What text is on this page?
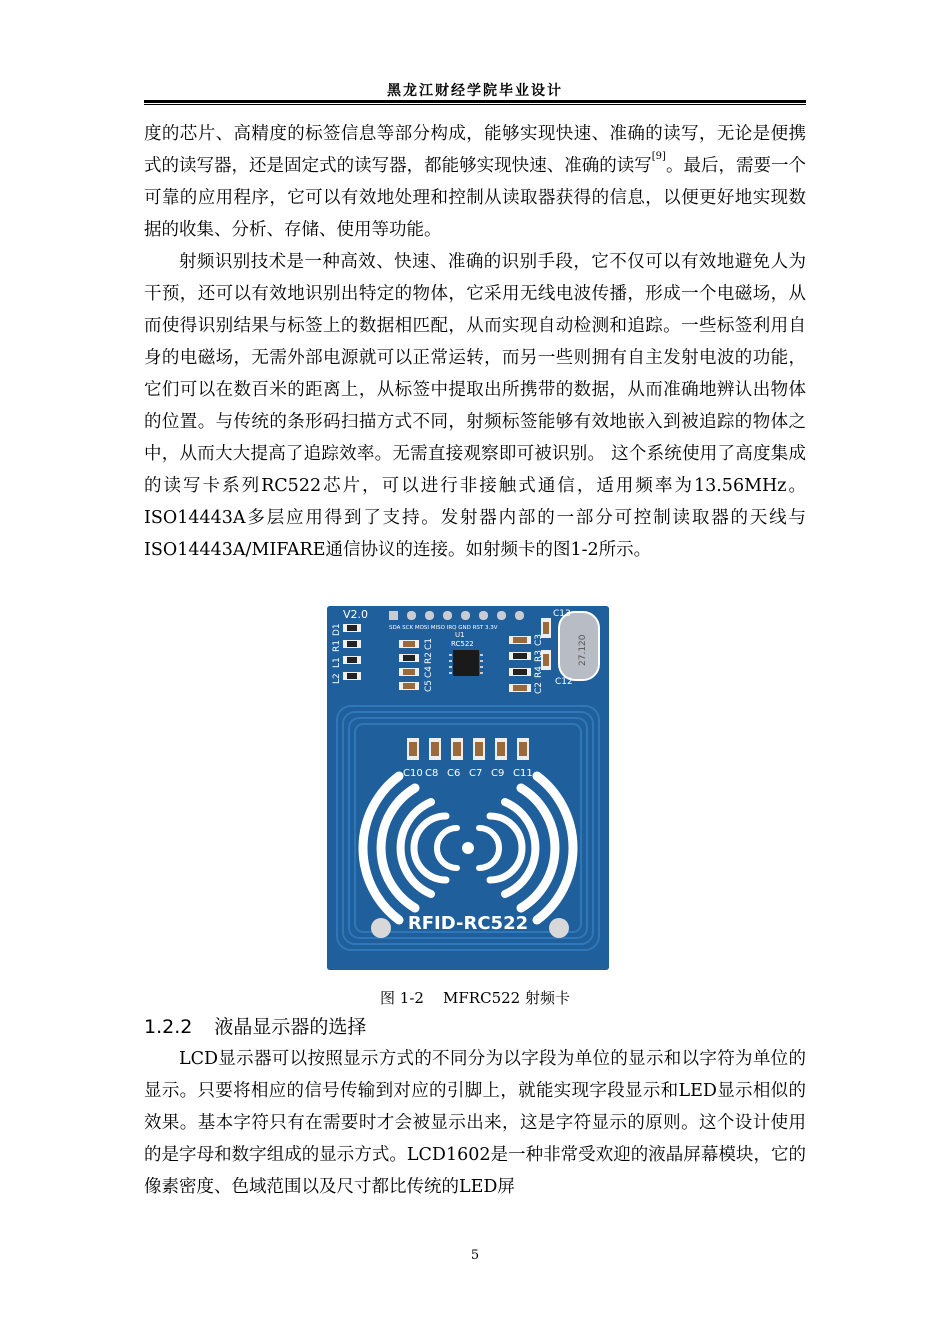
黑龙江财经学院毕业设计
度的芯片、高精度的标签信息等部分构成，能够实现快速、准确的读写，无论是便携式的读写器，还是固定式的读写器，都能够实现快速、准确的读写[9]。最后，需要一个可靠的应用程序，它可以有效地处理和控制从读取器获得的信息，以便更好地实现数据的收集、分析、存储、使用等功能。
射频识别技术是一种高效、快速、准确的识别手段，它不仅可以有效地避免人为干预，还可以有效地识别出特定的物体，它采用无线电波传播，形成一个电磁场，从而使得识别结果与标签上的数据相匹配，从而实现自动检测和追踪。一些标签利用自身的电磁场，无需外部电源就可以正常运转，而另一些则拥有自主发射电波的功能，它们可以在数百米的距离上，从标签中提取出所携带的数据，从而准确地辨认出物体的位置。与传统的条形码扫描方式不同，射频标签能够有效地嵌入到被追踪的物体之中，从而大大提高了追踪效率。无需直接观察即可被识别。 这个系统使用了高度集成的读写卡系列RC522芯片，可以进行非接触式通信，适用频率为13.56MHz。ISO14443A多层应用得到了支持。发射器内部的一部分可控制读取器的天线与ISO14443A/MIFARE通信协议的连接。如射频卡的图1-2所示。
SDA SCK MOSI MISO IRQ GND RST 3.3V
V2.0
U1
RC522	27.120
D1
R1
L1
L2
C1
R2
C4
C5
C3
R3
R4
C2
C13
C12
C10 C8 C6 C7 C9 C11
RFID-RC522
图 1-2 MFRC522 射频卡
1.2.2 液晶显示器的选择
LCD显示器可以按照显示方式的不同分为以字段为单位的显示和以字符为单位的显示。只要将相应的信号传输到对应的引脚上，就能实现字段显示和LED显示相似的效果。基本字符只有在需要时才会被显示出来，这是字符显示的原则。这个设计使用的是字母和数字组成的显示方式。LCD1602是一种非常受欢迎的液晶屏幕模块，它的像素密度、色域范围以及尺寸都比传统的LED屏
5
